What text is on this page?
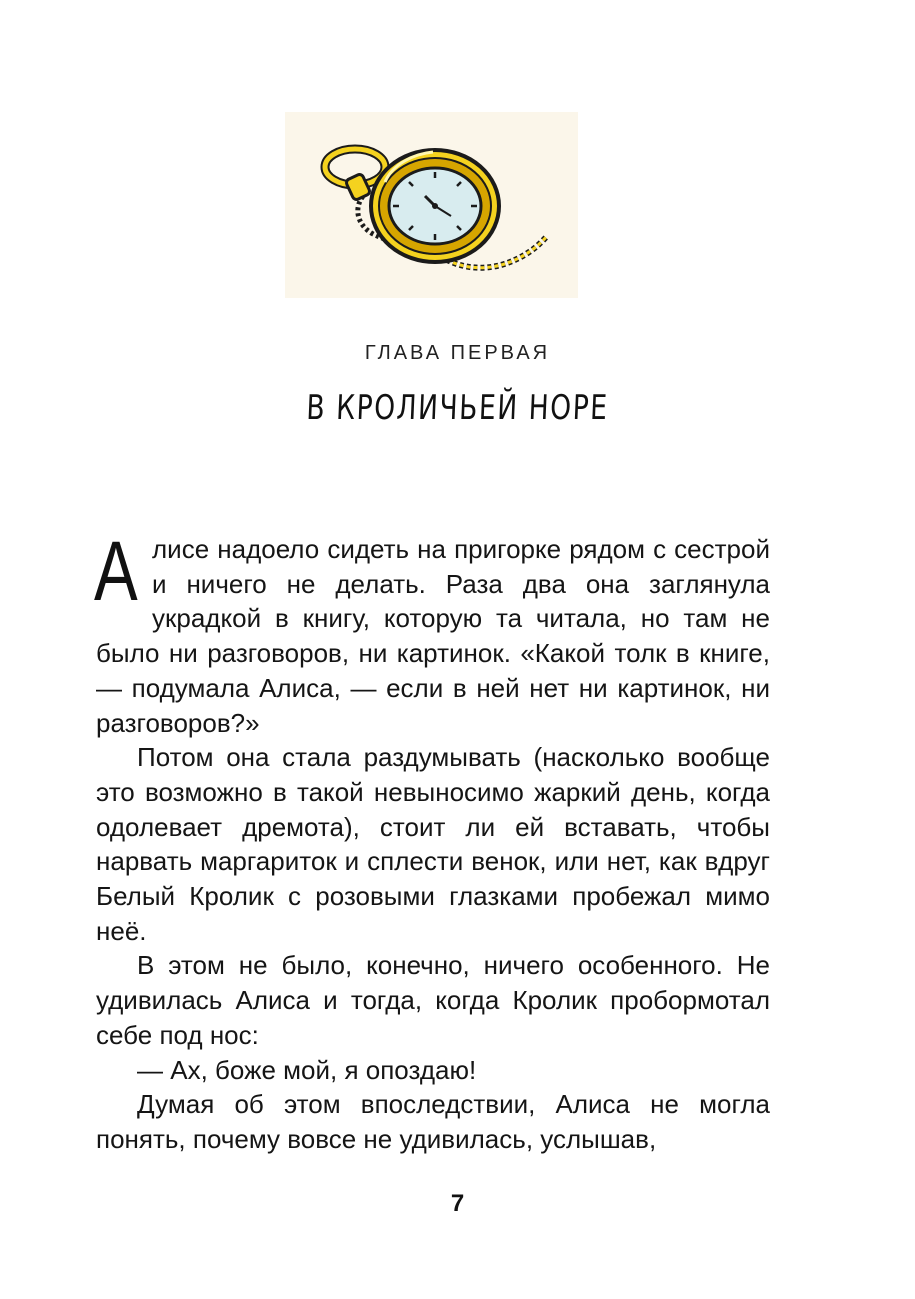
ГЛАВА ПЕРВАЯ
В КРОЛИЧЬЕЙ НОРЕ

Алисе надоело сидеть на пригорке рядом с сестрой и ничего не делать. Раза два она заглянула украдкой в книгу, которую та читала, но там не было ни разговоров, ни картинок. «Какой толк в книге, — подумала Алиса, — если в ней нет ни картинок, ни разговоров?»

Потом она стала раздумывать (насколько вообще это возможно в такой невыносимо жаркий день, когда одолевает дремота), стоит ли ей вставать, чтобы нарвать маргариток и сплести венок, или нет, как вдруг Белый Кролик с розовыми глазками пробежал мимо неё.

В этом не было, конечно, ничего особенного. Не удивилась Алиса и тогда, когда Кролик пробормотал себе под нос:

— Ах, боже мой, я опоздаю!

Думая об этом впоследствии, Алиса не могла понять, почему вовсе не удивилась, услышав,

7
